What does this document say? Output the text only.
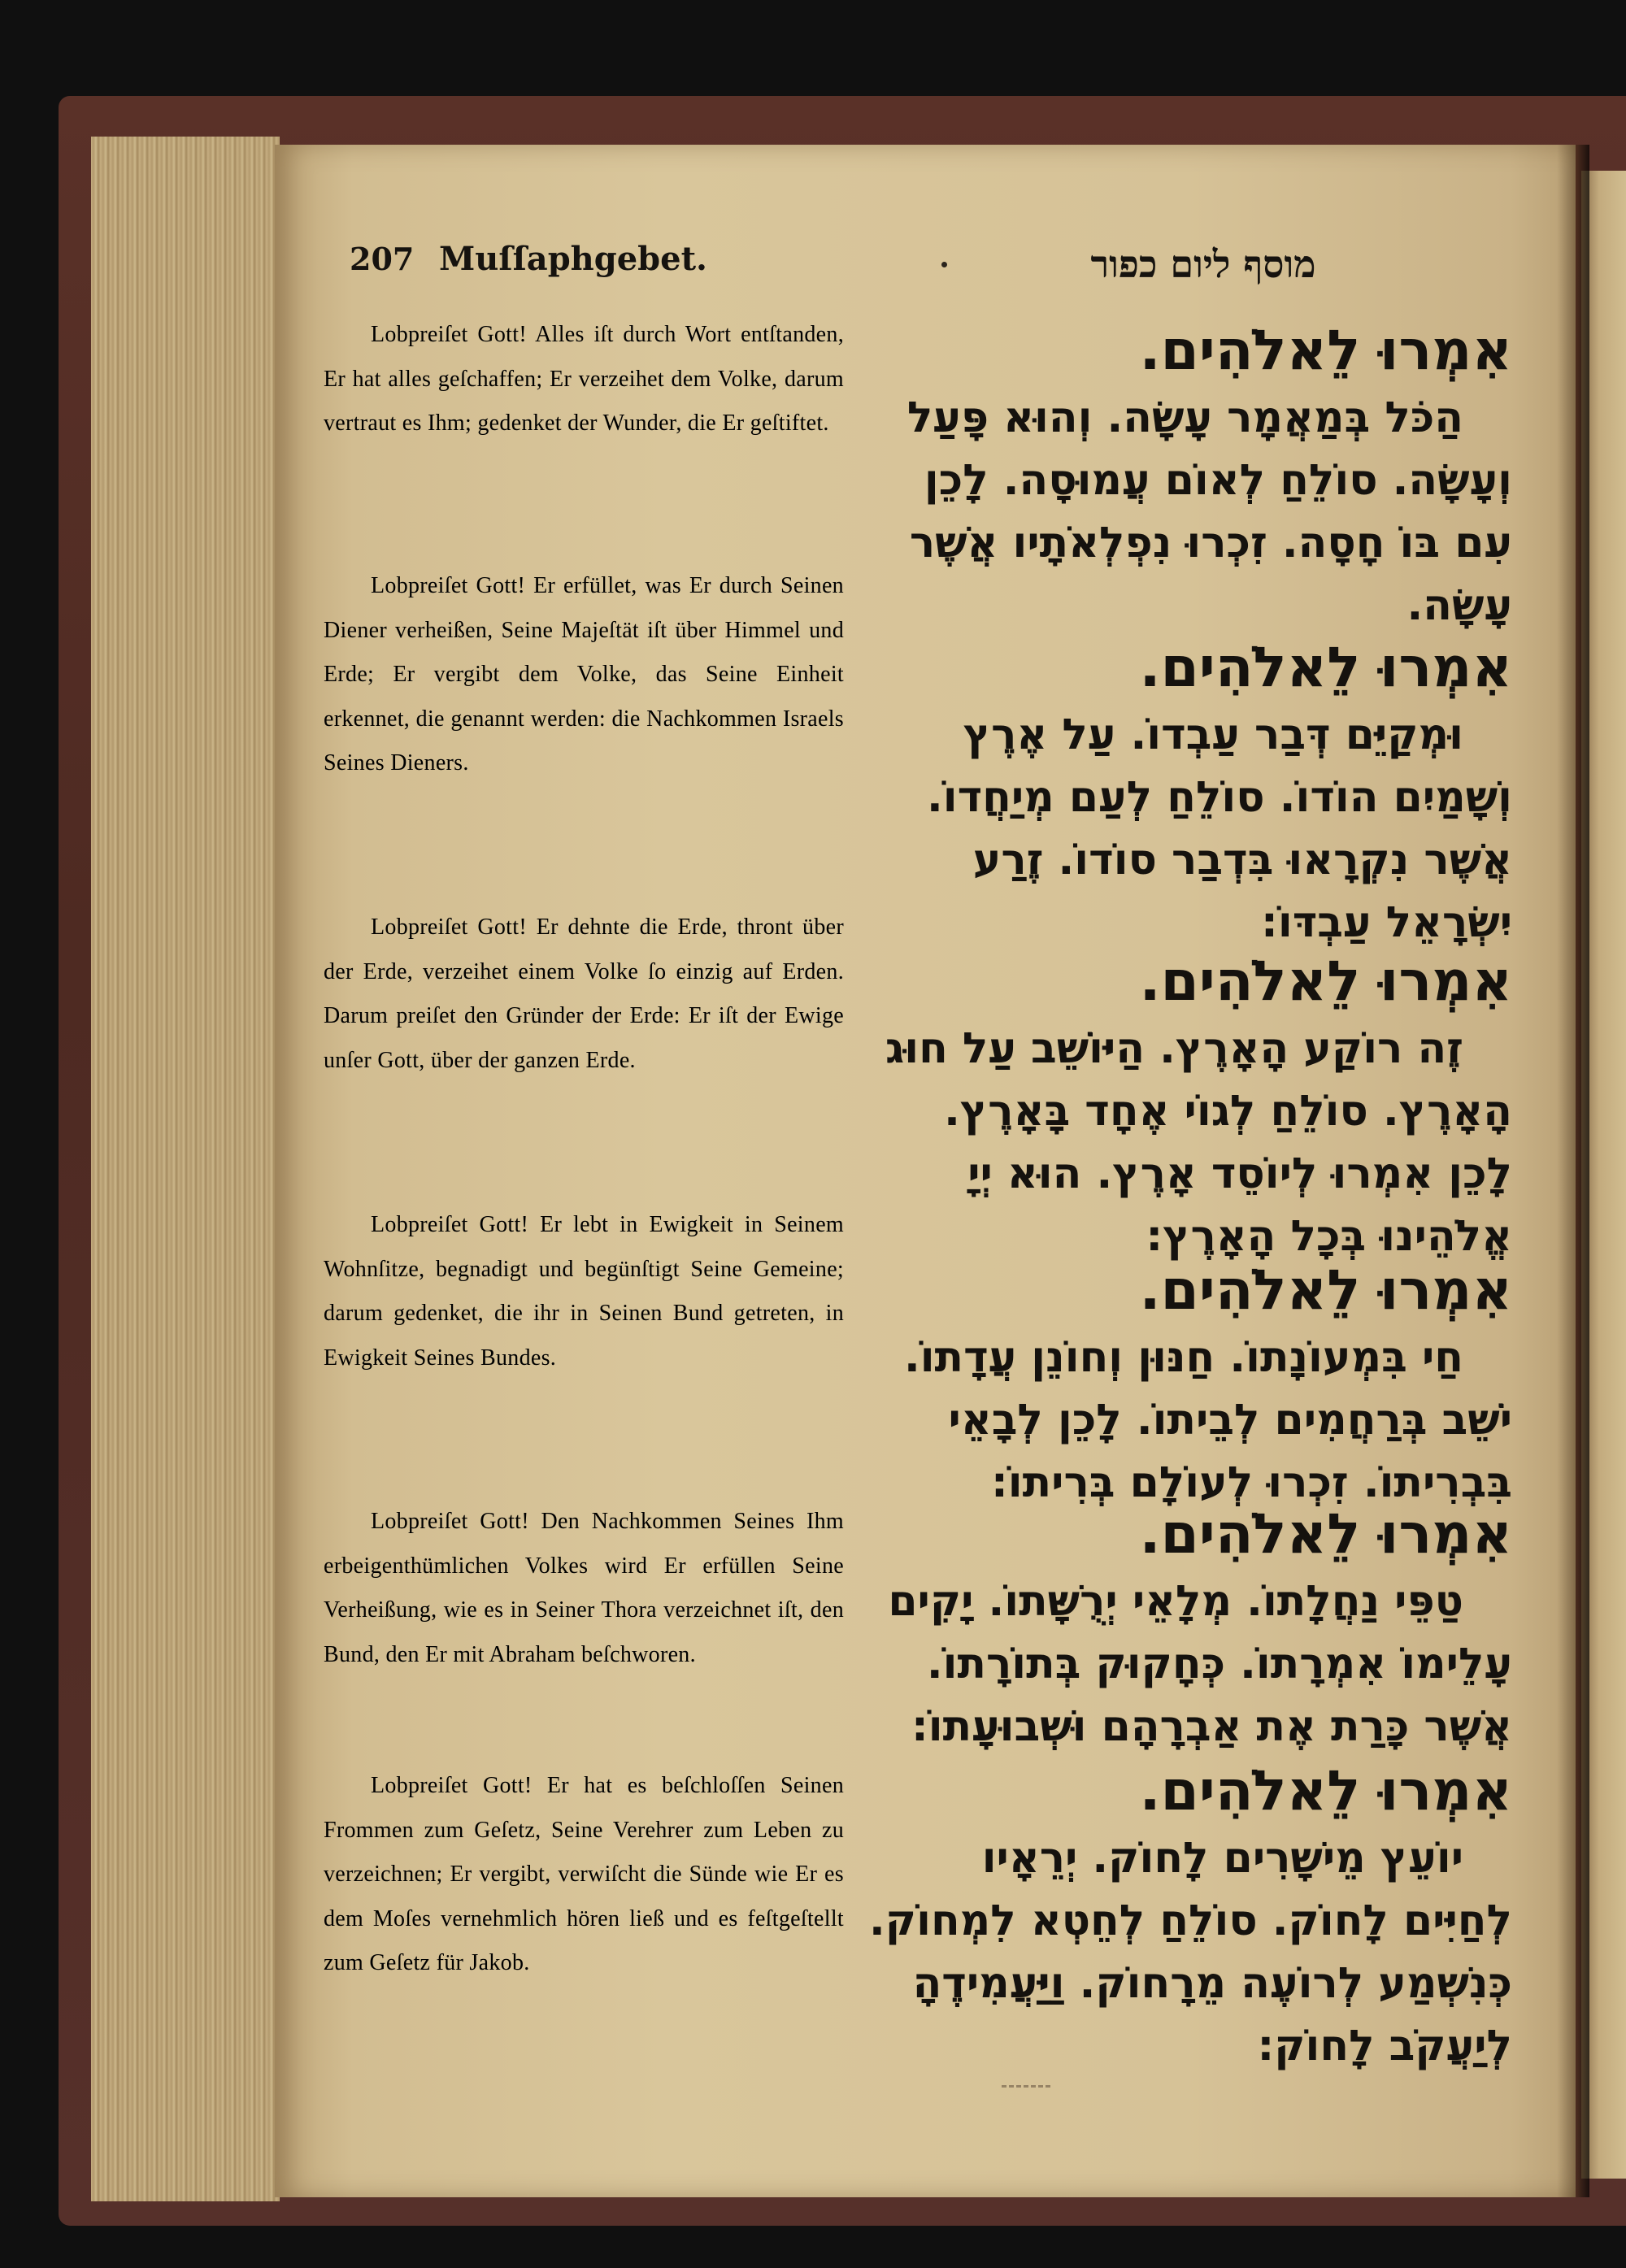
207 Muſſaphgebet.	מוסף ליום כפור
Lobpreiſet Gott! Alles iſt durch Wort entſtanden, Er hat alles geſchaffen; Er verzeihet dem Volke, darum vertraut es Ihm; gedenket der Wunder, die Er geſtiftet.
Lobpreiſet Gott! Er erfüllet, was Er durch Seinen Diener verheißen, Seine Majeſtät iſt über Himmel und Erde; Er vergibt dem Volke, das Seine Einheit erkennet, die genannt werden: die Nachkommen Israels Seines Dieners.
Lobpreiſet Gott! Er dehnte die Erde, thront über der Erde, verzeihet einem Volke ſo einzig auf Erden. Darum preiſet den Gründer der Erde: Er iſt der Ewige unſer Gott, über der ganzen Erde.
Lobpreiſet Gott! Er lebt in Ewigkeit in Seinem Wohnſitze, begnadigt und begünſtigt Seine Gemeine; darum gedenket, die ihr in Seinen Bund getreten, in Ewigkeit Seines Bundes.
Lobpreiſet Gott! Den Nachkommen Seines Ihm erbeigenthümlichen Volkes wird Er erfüllen Seine Verheißung, wie es in Seiner Thora verzeichnet iſt, den Bund, den Er mit Abraham beſchworen.
Lobpreiſet Gott! Er hat es beſchloſſen Seinen Frommen zum Geſetz, Seine Verehrer zum Leben zu verzeichnen; Er vergibt, verwiſcht die Sünde wie Er es dem Moſes vernehmlich hören ließ und es feſtgeſtellt zum Geſetz für Jakob.
אִמְרוּ לֵאלֹהִים.
הַכֹּל בְּמַאֲמָר עָשָׂה. וְהוּא פָּעַל
וְעָשָׂה. סוֹלֵחַ לְאוֹם עֲמוּסָה. לָכֵן
עִם בּוֹ חָסָה. זִכְרוּ נִפְלְאֹתָיו אֲשֶׁר
עָשָׂה.
אִמְרוּ לֵאלֹהִים.
וּמְקַיֵּם דְּבַר עַבְדוֹ. עַל אֶרֶץ
וְשָׁמַיִם הוֹדוֹ. סוֹלֵחַ לְעַם מְיַחֲדוֹ.
אֲשֶׁר נִקְרָאוּ בִּדְבַר סוֹדוֹ. זֶרַע
יִשְׂרָאֵל עַבְדּוֹ:
אִמְרוּ לֵאלֹהִים.
זֶה רוֹקַע הָאָרֶץ. הַיּוֹשֵׁב עַל חוּג
הָאָרֶץ. סוֹלֵחַ לְגוֹי אֶחָד בָּאָרֶץ.
לָכֵן אִמְרוּ לְיוֹסֵד אָרֶץ. הוּא יְיָ
אֱלֹהֵינוּ בְּכָל הָאָרֶץ:
אִמְרוּ לֵאלֹהִים.
חַי בִּמְעוֹנָתוֹ. חַנּוּן וְחוֹנֵן עֲדָתוֹ.
יֹשֵׁב בְּרַחֲמִים לְבֵיתוֹ. לָכֵן לְבָאֵי
בִּבְרִיתוֹ. זִכְרוּ לְעוֹלָם בְּרִיתוֹ:
אִמְרוּ לֵאלֹהִים.
טַפֵּי נַחֲלָתוֹ. מְלָאֵי יְרֻשָּׁתוֹ. יָקִים
עָלֵימוֹ אִמְרָתוֹ. כְּחָקוּק בְּתוֹרָתוֹ.
אֲשֶׁר כָּרַת אֶת אַבְרָהָם וּשְׁבוּעָתוֹ:
אִמְרוּ לֵאלֹהִים.
יוֹעֵץ מֵישָׁרִים לָחוֹק. יְרֵאָיו
לְחַיִּים לָחוֹק. סוֹלֵחַ לְחֵטְא לִמְחוֹק.
כְּנִשְׁמַע לְרוֹעֶה מֵרָחוֹק. וַיַּעֲמִידֶהָ
לְיַעֲקֹב לָחוֹק:
